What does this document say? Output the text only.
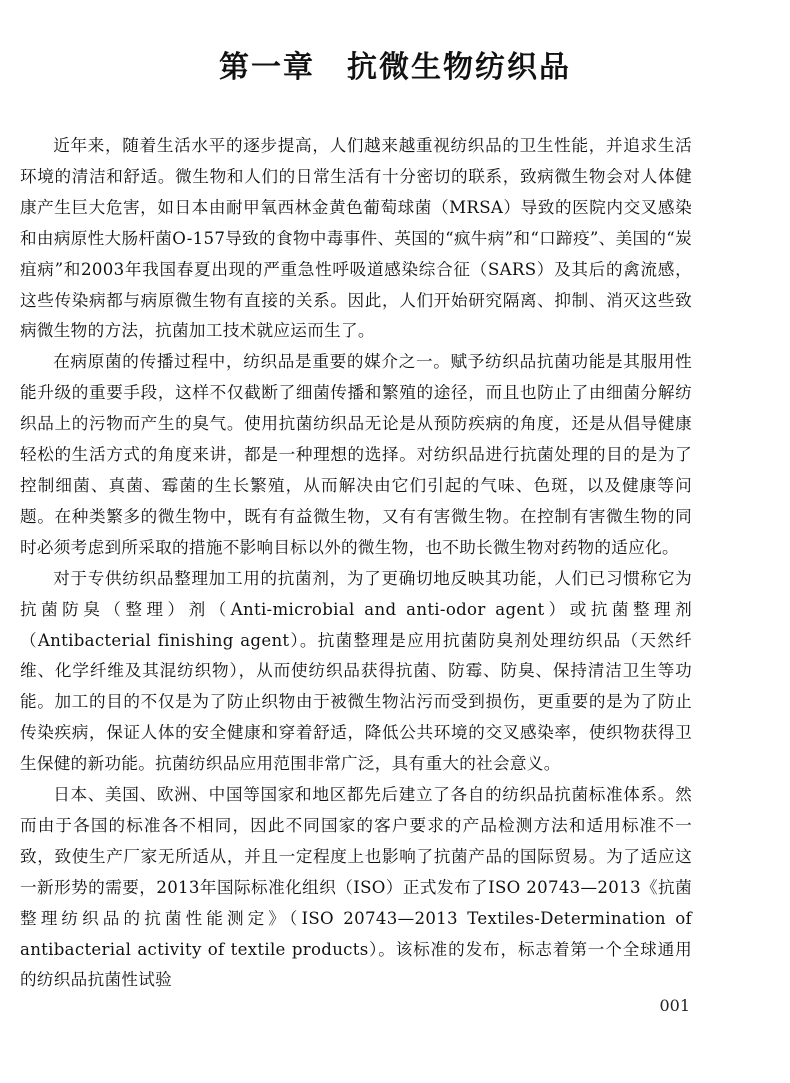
第一章　抗微生物纺织品

近年来，随着生活水平的逐步提高，人们越来越重视纺织品的卫生性能，并追求生活环境的清洁和舒适。微生物和人们的日常生活有十分密切的联系，致病微生物会对人体健康产生巨大危害，如日本由耐甲氧西林金黄色葡萄球菌（MRSA）导致的医院内交叉感染和由病原性大肠杆菌O-157导致的食物中毒事件、英国的“疯牛病”和“口蹄疫”、美国的“炭疽病”和2003年我国春夏出现的严重急性呼吸道感染综合征（SARS）及其后的禽流感，这些传染病都与病原微生物有直接的关系。因此，人们开始研究隔离、抑制、消灭这些致病微生物的方法，抗菌加工技术就应运而生了。

在病原菌的传播过程中，纺织品是重要的媒介之一。赋予纺织品抗菌功能是其服用性能升级的重要手段，这样不仅截断了细菌传播和繁殖的途径，而且也防止了由细菌分解纺织品上的污物而产生的臭气。使用抗菌纺织品无论是从预防疾病的角度，还是从倡导健康轻松的生活方式的角度来讲，都是一种理想的选择。对纺织品进行抗菌处理的目的是为了控制细菌、真菌、霉菌的生长繁殖，从而解决由它们引起的气味、色斑，以及健康等问题。在种类繁多的微生物中，既有有益微生物，又有有害微生物。在控制有害微生物的同时必须考虑到所采取的措施不影响目标以外的微生物，也不助长微生物对药物的适应化。

对于专供纺织品整理加工用的抗菌剂，为了更确切地反映其功能，人们已习惯称它为抗菌防臭（整理）剂（Anti-microbial and anti-odor agent）或抗菌整理剂（Antibacterial finishing agent）。抗菌整理是应用抗菌防臭剂处理纺织品（天然纤维、化学纤维及其混纺织物），从而使纺织品获得抗菌、防霉、防臭、保持清洁卫生等功能。加工的目的不仅是为了防止织物由于被微生物沾污而受到损伤，更重要的是为了防止传染疾病，保证人体的安全健康和穿着舒适，降低公共环境的交叉感染率，使织物获得卫生保健的新功能。抗菌纺织品应用范围非常广泛，具有重大的社会意义。

日本、美国、欧洲、中国等国家和地区都先后建立了各自的纺织品抗菌标准体系。然而由于各国的标准各不相同，因此不同国家的客户要求的产品检测方法和适用标准不一致，致使生产厂家无所适从，并且一定程度上也影响了抗菌产品的国际贸易。为了适应这一新形势的需要，2013年国际标准化组织（ISO）正式发布了ISO 20743—2013《抗菌整理纺织品的抗菌性能测定》（ISO 20743—2013 Textiles-Determination of antibacterial activity of textile products）。该标准的发布，标志着第一个全球通用的纺织品抗菌性试验

001
